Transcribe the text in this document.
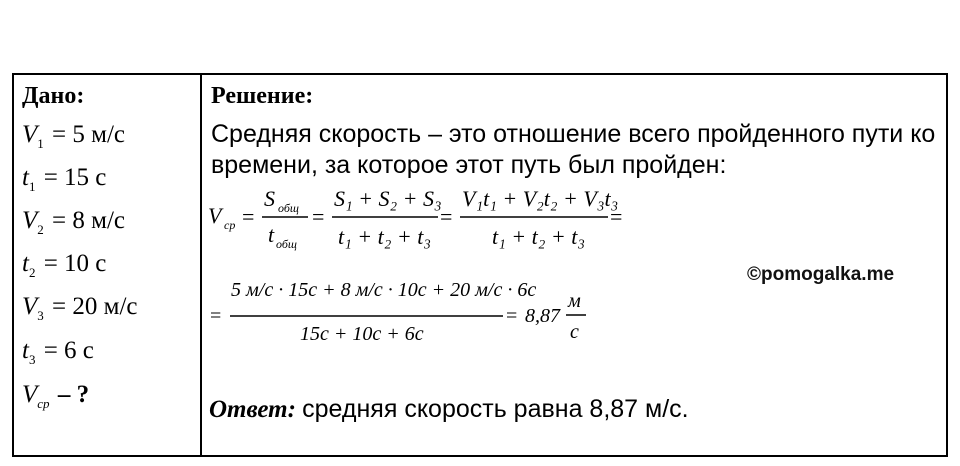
Дано:
$V_1 = 5$ м/с
$t_1 = 15$ с
$V_2 = 8$ м/с
$t_2 = 10$ с
$V_3 = 20$ м/с
$t_3 = 6$ с
$V_{ср}$ – ?
Решение:
Средняя скорость – это отношение всего пройденного пути ко времени, за которое этот путь был пройден:
V ср =
S общ
t общ
=
S₁ + S₂ + S₃
t₁ + t₂ + t₃
=
V₁t₁ + V₂t₂ + V₃t₃
t₁ + t₂ + t₃
=
=
5 м/с · 15с + 8 м/с · 10с + 20 м/с · 6с
15с + 10с + 6с
= 8,87
м
с
©pomogalka.me
Ответ: средняя скорость равна 8,87 м/с.
